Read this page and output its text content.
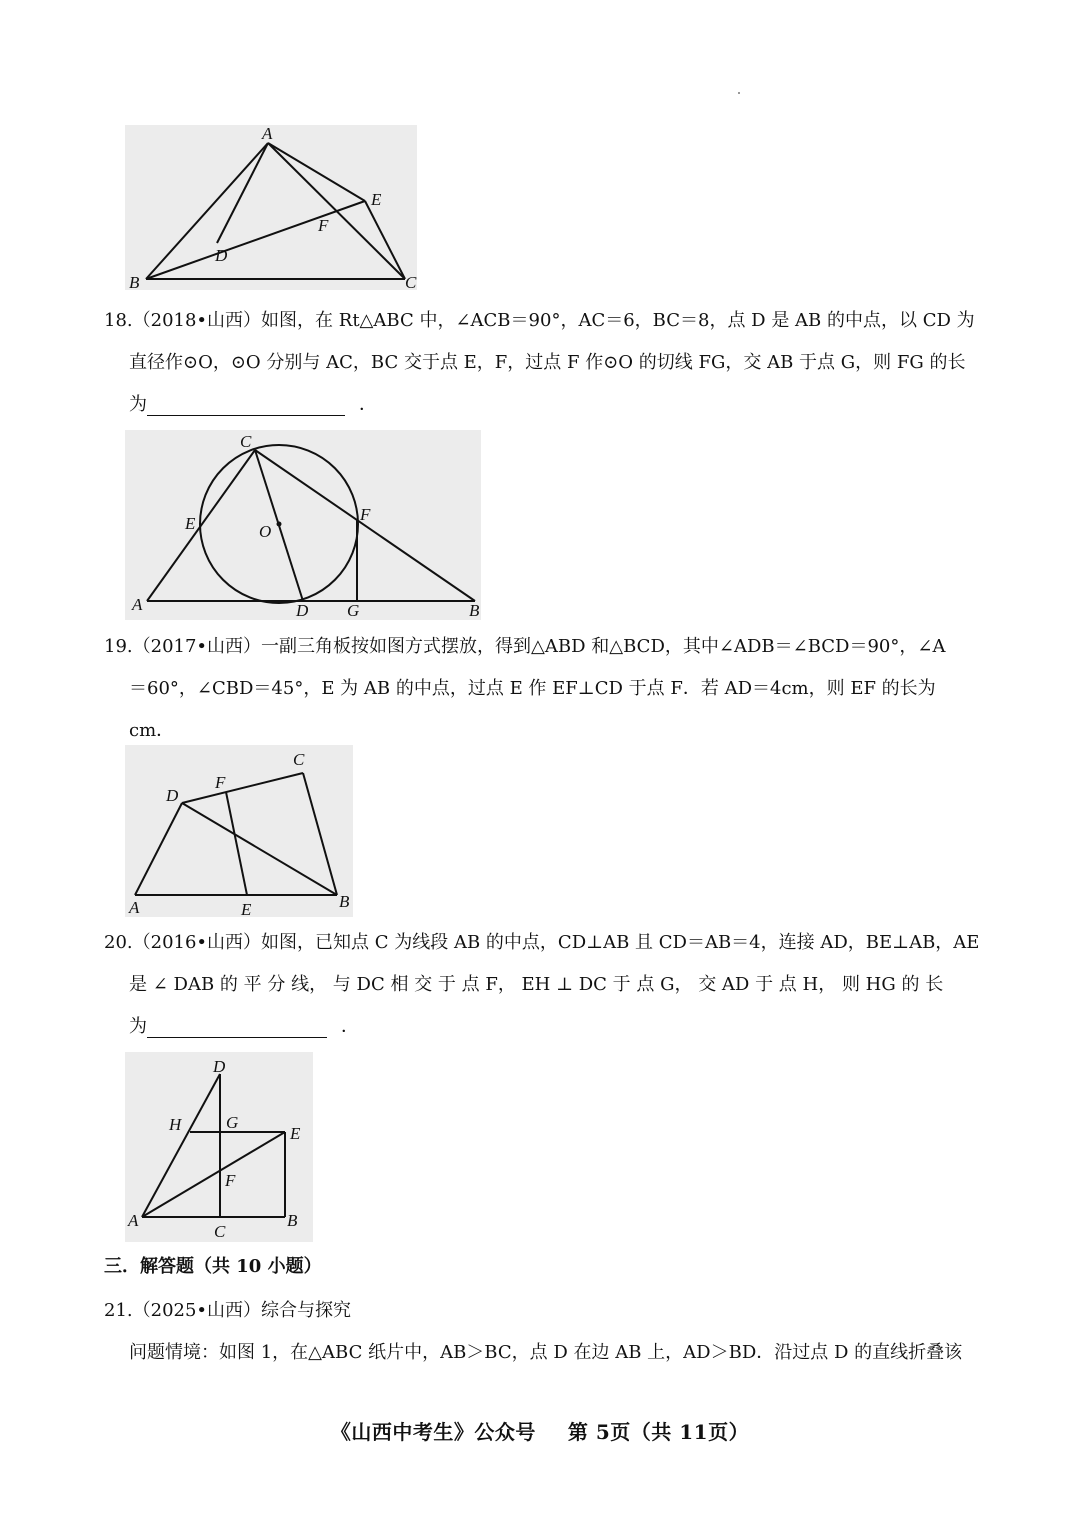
A
B	C
D
E
F
18.（2018•山西）如图，在 Rt△ABC 中，∠ACB＝90°，AC＝6，BC＝8，点 D 是 AB 的中点，以 CD 为
直径作⊙O，⊙O 分别与 AC，BC 交于点 E，F，过点 F 作⊙O 的切线 FG，交 AB 于点 G，则 FG 的长
为	．
C
E	O
F
A	D G	B
19.（2017•山西）一副三角板按如图方式摆放，得到△ABD 和△BCD，其中∠ADB＝∠BCD＝90°，∠A
＝60°，∠CBD＝45°，E 为 AB 的中点，过点 E 作 EF⊥CD 于点 F．若 AD＝4cm，则 EF 的长为
cm．
D
F
C
A	E	B
20.（2016•山西）如图，已知点 C 为线段 AB 的中点，CD⊥AB 且 CD＝AB＝4，连接 AD，BE⊥AB，AE
是 ∠ DAB 的 平 分 线， 与 DC 相 交 于 点 F， EH ⊥ DC 于 点 G， 交 AD 于 点 H， 则 HG 的 长
为	．
D
H	G
E
F
A
C
B
三．解答题（共 10 小题）
21.（2025•山西）综合与探究
问题情境：如图 1，在△ABC 纸片中，AB＞BC，点 D 在边 AB 上，AD＞BD．沿过点 D 的直线折叠该
《山西中考生》公众号 第 5页（共 11页）
